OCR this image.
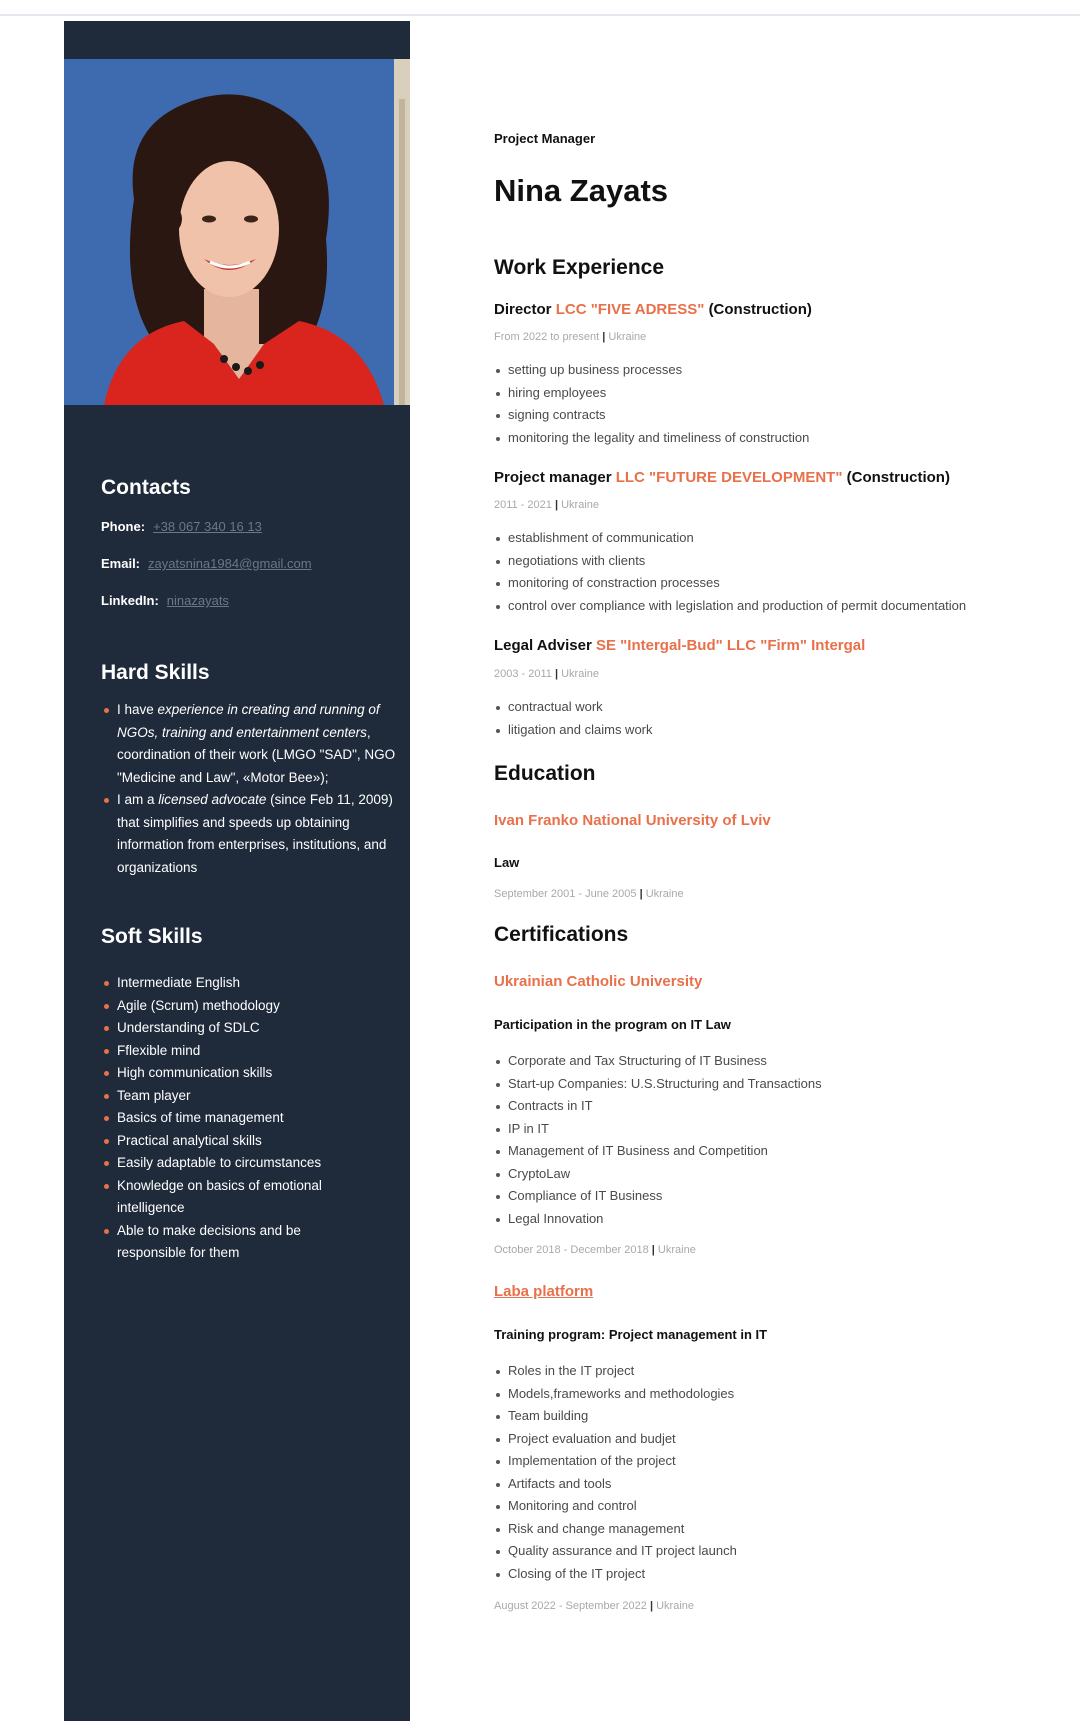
Contacts
Phone: +38 067 340 16 13
Email: zayatsnina1984@gmail.com
LinkedIn: ninazayats
Hard Skills
I have experience in creating and running of NGOs, training and entertainment centers, coordination of their work (LMGO "SAD", NGO "Medicine and Law", «Motor Bee»);
I am a licensed advocate (since Feb 11, 2009) that simplifies and speeds up obtaining information from enterprises, institutions, and organizations
Soft Skills
Intermediate English
Agile (Scrum) methodology
Understanding of SDLC
Fflexible mind
High communication skills
Team player
Basics of time management
Practical analytical skills
Easily adaptable to circumstances
Knowledge on basics of emotional intelligence
Able to make decisions and be responsible for them
Project Manager
Nina Zayats
Work Experience
Director LCC "FIVE ADRESS" (Construction)
From 2022 to present | Ukraine
setting up business processes
hiring employees
signing contracts
monitoring the legality and timeliness of construction
Project manager LLC "FUTURE DEVELOPMENT" (Construction)
2011 - 2021 | Ukraine
establishment of communication
negotiations with clients
monitoring of constraction processes
control over compliance with legislation and production of permit documentation
Legal Adviser SE "Intergal-Bud" LLC "Firm" Intergal
2003 - 2011 | Ukraine
contractual work
litigation and claims work
Education
Ivan Franko National University of Lviv
Law
September 2001 - June 2005 | Ukraine
Certifications
Ukrainian Catholic University
Participation in the program on IT Law
Corporate and Tax Structuring of IT Business
Start-up Companies: U.S.Structuring and Transactions
Contracts in IT
IP in IT
Management of IT Business and Competition
CryptoLaw
Compliance of IT Business
Legal Innovation
October 2018 - December 2018 | Ukraine
Laba platform
Training program: Project management in IT
Roles in the IT project
Models,frameworks and methodologies
Team building
Project evaluation and budjet
Implementation of the project
Artifacts and tools
Monitoring and control
Risk and change management
Quality assurance and IT project launch
Closing of the IT project
August 2022 - September 2022 | Ukraine
